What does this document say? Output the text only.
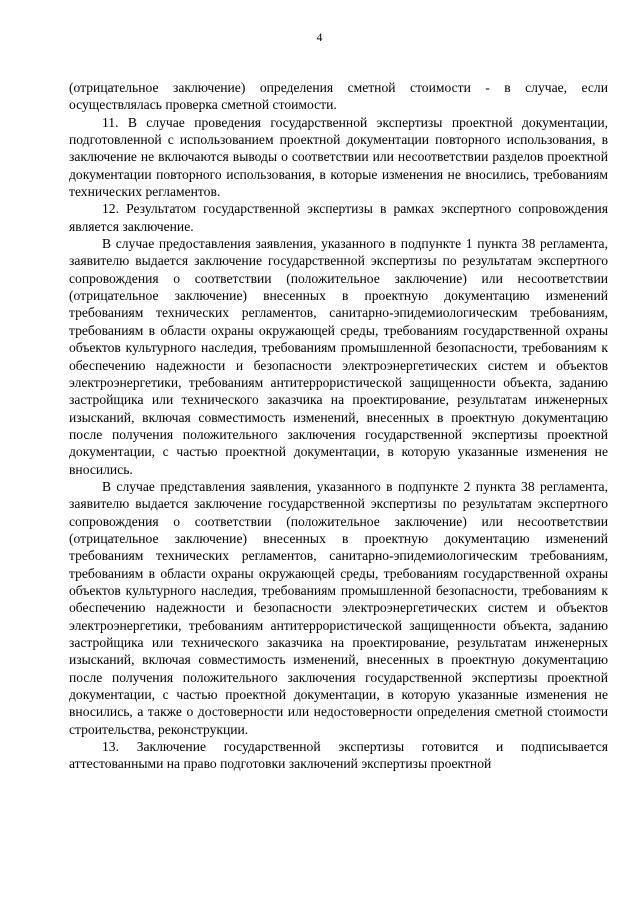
4

(отрицательное заключение) определения сметной стоимости - в случае, если осуществлялась проверка сметной стоимости.

11. В случае проведения государственной экспертизы проектной документации, подготовленной с использованием проектной документации повторного использования, в заключение не включаются выводы о соответствии или несоответствии разделов проектной документации повторного использования, в которые изменения не вносились, требованиям технических регламентов.

12. Результатом государственной экспертизы в рамках экспертного сопровождения является заключение.

В случае предоставления заявления, указанного в подпункте 1 пункта 38 регламента, заявителю выдается заключение государственной экспертизы по результатам экспертного сопровождения о соответствии (положительное заключение) или несоответствии (отрицательное заключение) внесенных в проектную документацию изменений требованиям технических регламентов, санитарно-эпидемиологическим требованиям, требованиям в области охраны окружающей среды, требованиям государственной охраны объектов культурного наследия, требованиям промышленной безопасности, требованиям к обеспечению надежности и безопасности электроэнергетических систем и объектов электроэнергетики, требованиям антитеррористической защищенности объекта, заданию застройщика или технического заказчика на проектирование, результатам инженерных изысканий, включая совместимость изменений, внесенных в проектную документацию после получения положительного заключения государственной экспертизы проектной документации, с частью проектной документации, в которую указанные изменения не вносились.

В случае представления заявления, указанного в подпункте 2 пункта 38 регламента, заявителю выдается заключение государственной экспертизы по результатам экспертного сопровождения о соответствии (положительное заключение) или несоответствии (отрицательное заключение) внесенных в проектную документацию изменений требованиям технических регламентов, санитарно-эпидемиологическим требованиям, требованиям в области охраны окружающей среды, требованиям государственной охраны объектов культурного наследия, требованиям промышленной безопасности, требованиям к обеспечению надежности и безопасности электроэнергетических систем и объектов электроэнергетики, требованиям антитеррористической защищенности объекта, заданию застройщика или технического заказчика на проектирование, результатам инженерных изысканий, включая совместимость изменений, внесенных в проектную документацию после получения положительного заключения государственной экспертизы проектной документации, с частью проектной документации, в которую указанные изменения не вносились, а также о достоверности или недостоверности определения сметной стоимости строительства, реконструкции.

13. Заключение государственной экспертизы готовится и подписывается аттестованными на право подготовки заключений экспертизы проектной
